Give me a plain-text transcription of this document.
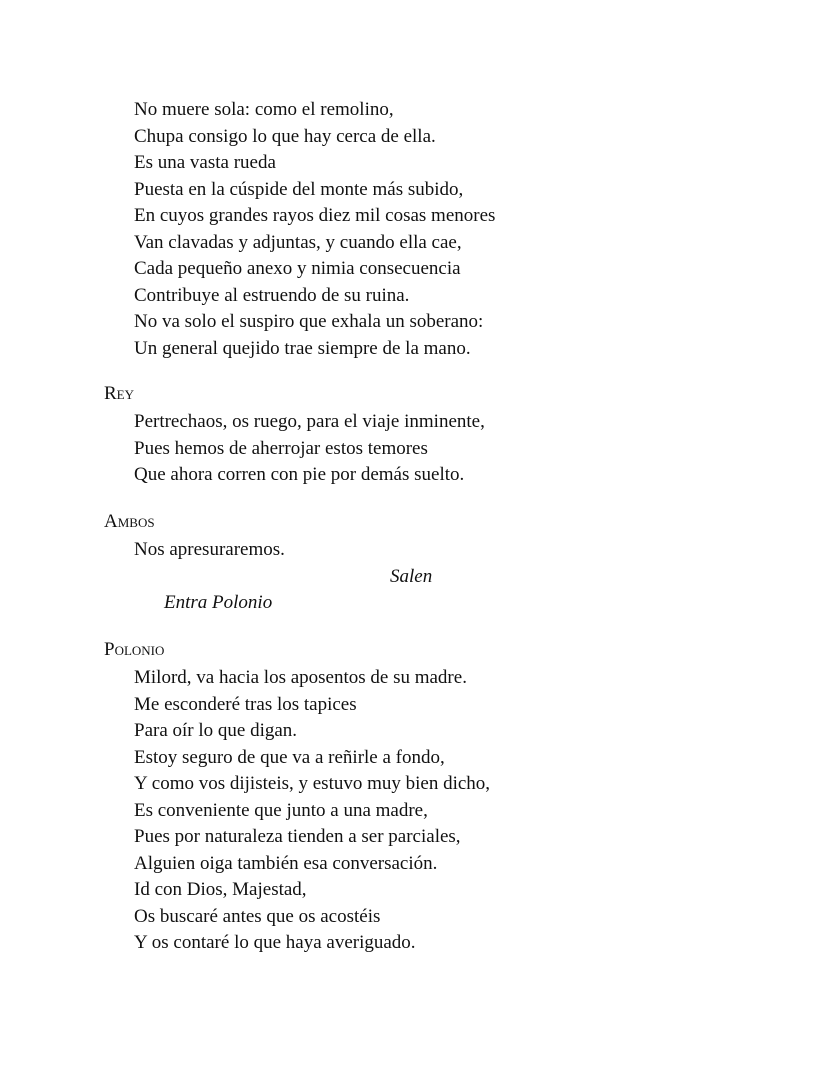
No muere sola: como el remolino,
Chupa consigo lo que hay cerca de ella.
Es una vasta rueda
Puesta en la cúspide del monte más subido,
En cuyos grandes rayos diez mil cosas menores
Van clavadas y adjuntas, y cuando ella cae,
Cada pequeño anexo y nimia consecuencia
Contribuye al estruendo de su ruina.
No va solo el suspiro que exhala un soberano:
Un general quejido trae siempre de la mano.
Rey
Pertrechaos, os ruego, para el viaje inminente,
Pues hemos de aherrojar estos temores
Que ahora corren con pie por demás suelto.
Ambos
Nos apresuraremos.
Salen
Entra Polonio
Polonio
Milord, va hacia los aposentos de su madre.
Me esconderé tras los tapices
Para oír lo que digan.
Estoy seguro de que va a reñirle a fondo,
Y como vos dijisteis, y estuvo muy bien dicho,
Es conveniente que junto a una madre,
Pues por naturaleza tienden a ser parciales,
Alguien oiga también esa conversación.
Id con Dios, Majestad,
Os buscaré antes que os acostéis
Y os contaré lo que haya averiguado.
